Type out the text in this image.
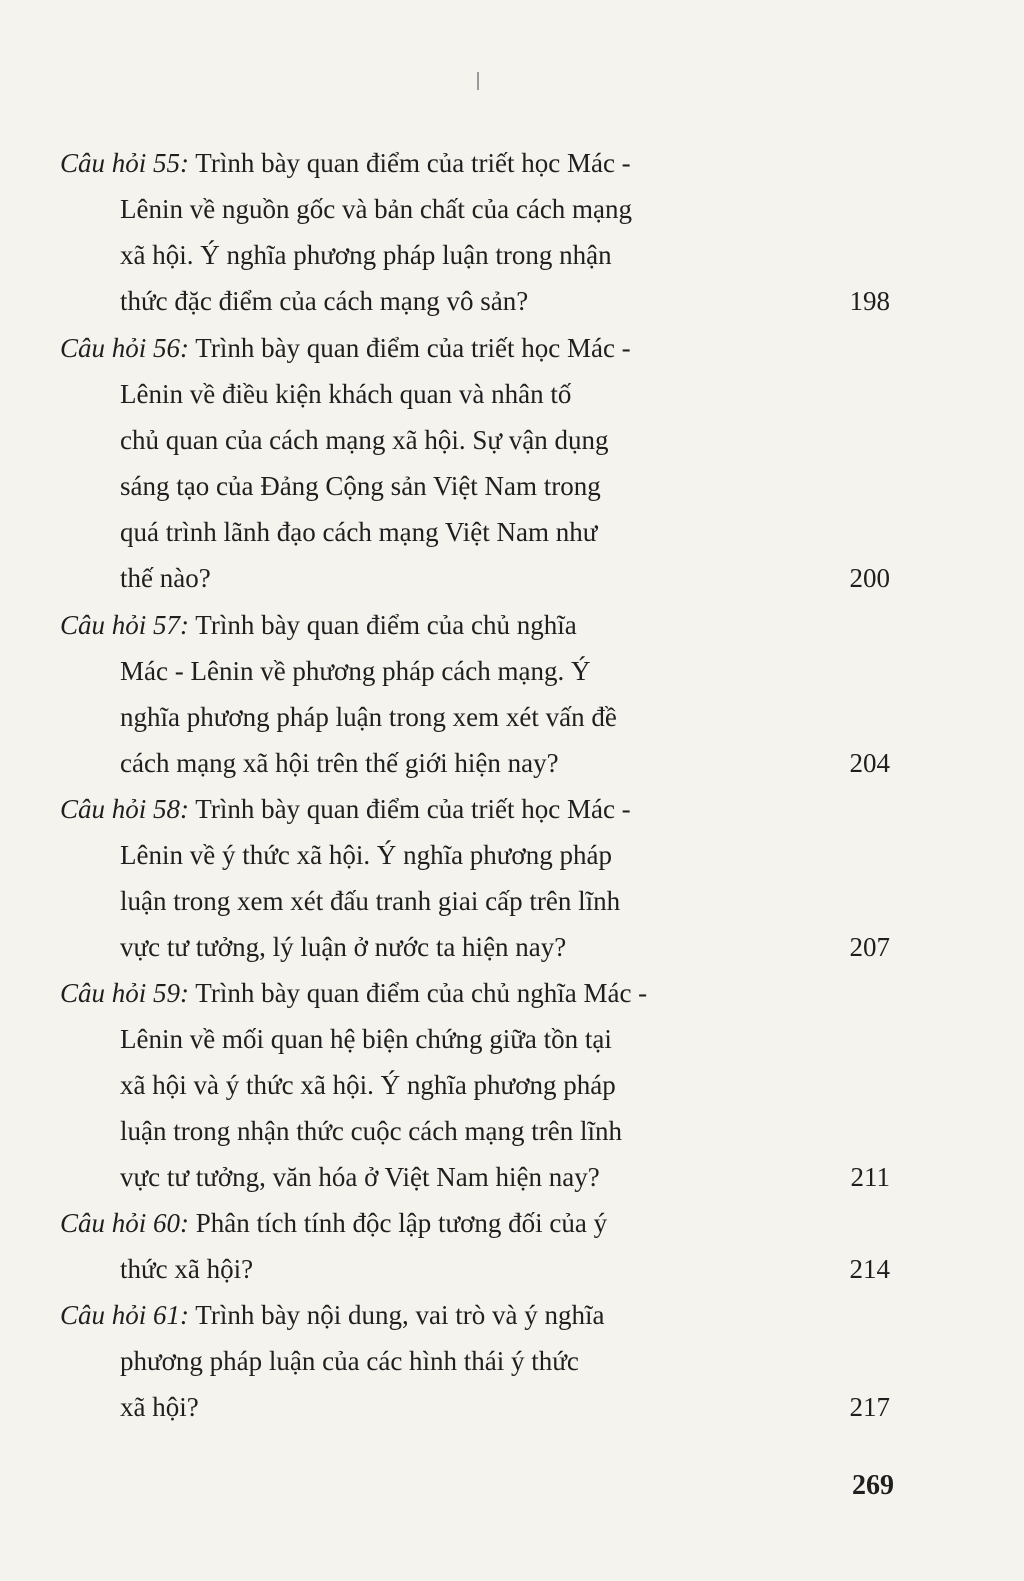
Câu hỏi 55: Trình bày quan điểm của triết học Mác -
Lênin về nguồn gốc và bản chất của cách mạng
xã hội. Ý nghĩa phương pháp luận trong nhận
thức đặc điểm của cách mạng vô sản?	198
Câu hỏi 56: Trình bày quan điểm của triết học Mác -
Lênin về điều kiện khách quan và nhân tố
chủ quan của cách mạng xã hội. Sự vận dụng
sáng tạo của Đảng Cộng sản Việt Nam trong
quá trình lãnh đạo cách mạng Việt Nam như
thế nào?	200
Câu hỏi 57: Trình bày quan điểm của chủ nghĩa
Mác - Lênin về phương pháp cách mạng. Ý
nghĩa phương pháp luận trong xem xét vấn đề
cách mạng xã hội trên thế giới hiện nay?	204
Câu hỏi 58: Trình bày quan điểm của triết học Mác -
Lênin về ý thức xã hội. Ý nghĩa phương pháp
luận trong xem xét đấu tranh giai cấp trên lĩnh
vực tư tưởng, lý luận ở nước ta hiện nay?	207
Câu hỏi 59: Trình bày quan điểm của chủ nghĩa Mác -
Lênin về mối quan hệ biện chứng giữa tồn tại
xã hội và ý thức xã hội. Ý nghĩa phương pháp
luận trong nhận thức cuộc cách mạng trên lĩnh
vực tư tưởng, văn hóa ở Việt Nam hiện nay?	211
Câu hỏi 60: Phân tích tính độc lập tương đối của ý
thức xã hội?	214
Câu hỏi 61: Trình bày nội dung, vai trò và ý nghĩa
phương pháp luận của các hình thái ý thức
xã hội?	217
269
